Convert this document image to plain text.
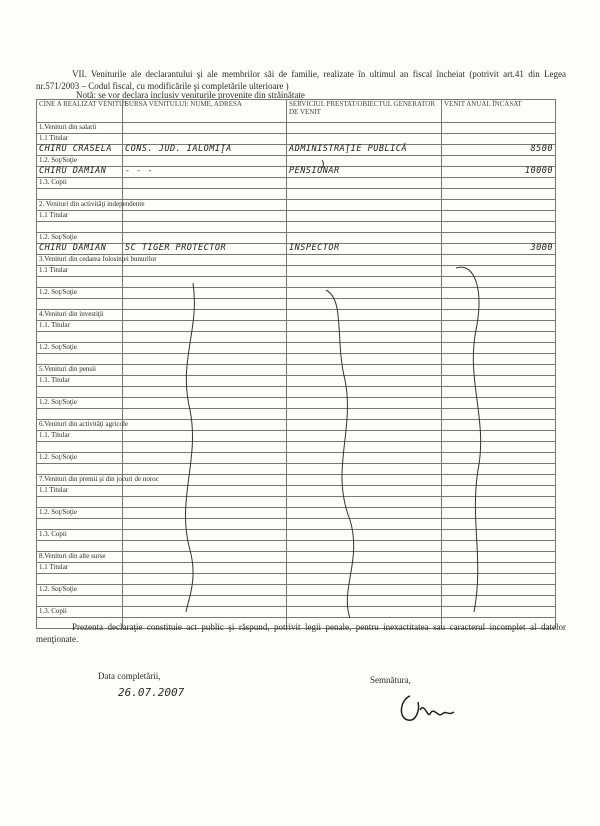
VII. Veniturile ale declarantului şi ale membrilor săi de familie, realizate în ultimul an fiscal încheiat (potrivit art.41 din Legea nr.571/2003 – Codul fiscal, cu modificările şi completările ulterioare )

Notă: se vor declara inclusiv veniturile provenite din străinătate
CINE A REALIZAT VENITUL	SURSA VENITULUI: NUME, ADRESA	SERVICIUL PRESTAT/OBIECTUL GENERATOR DE VENIT	VENIT ANUAL ÎNCASAT
1.Venituri din salarii			
1.1 Titular			
CHIRU CRASELA	CONS. JUD. IALOMIŢA	ADMINISTRAŢIE PUBLICĂ	8500
1.2. Soţ/Soţie			
CHIRU DAMIAN	- - -	PENSIONAR	10000
1.3. Copii			

2. Venituri din activităţi independente			
1.1 Titular			

1.2. Soţ/Soţie			
CHIRU DAMIAN	SC TIGER PROTECTOR	INSPECTOR	3000
3.Venituri din cedarea folosinţei bunurilor			
1.1 Titular			

1.2. Soţ/Soţie			

4.Venituri din investiţii			
1.1. Titular			

1.2. Soţ/Soţie			

5.Venituri din pensii			
1.1. Titular			

1.2. Soţ/Soţie			

6.Venituri din activităţi agricole			
1.1. Titular			

1.2. Soţ/Soţie			

7.Venituri din premii şi din jocuri de noroc			
1.1 Titular			

1.2. Soţ/Soţie			

1.3. Copii			

8.Venituri din alte surse			
1.1 Titular			

1.2. Soţ/Soţie			

1.3. Copii			

Prezenta declaraţie constituie act public şi răspund, potrivit legii penale, pentru inexactitatea sau caracterul incomplet al datelor menţionate.

Data completării,
26.07.2007
Semnătura,
